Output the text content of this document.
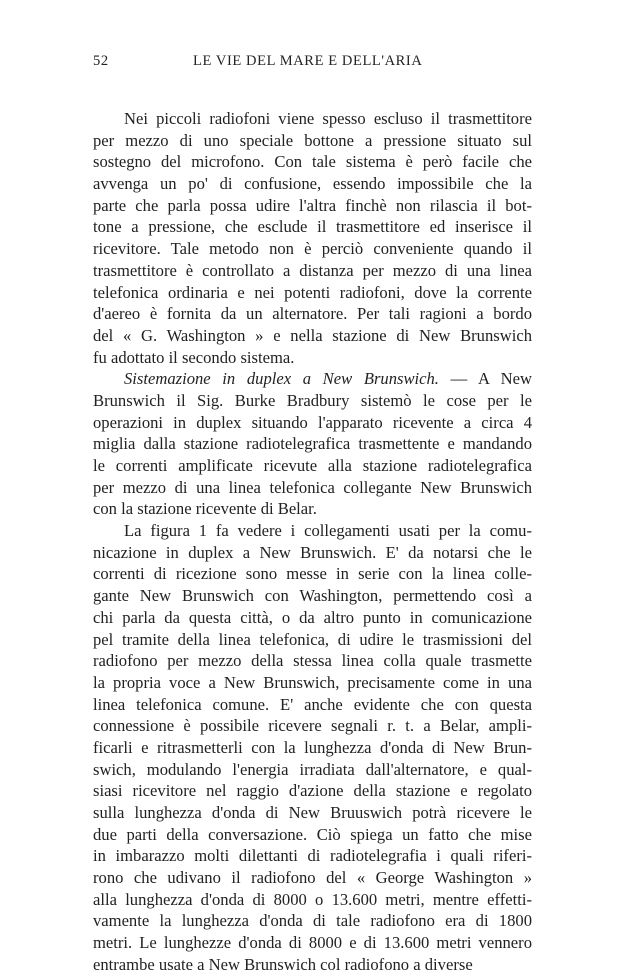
52	LE VIE DEL MARE E DELL'ARIA
Nei piccoli radiofoni viene spesso escluso il trasmettitore
per mezzo di uno speciale bottone a pressione situato sul
sostegno del microfono. Con tale sistema è però facile che
avvenga un po' di confusione, essendo impossibile che la
parte che parla possa udire l'altra finchè non rilascia il bot-
tone a pressione, che esclude il trasmettitore ed inserisce il
ricevitore. Tale metodo non è perciò conveniente quando il
trasmettitore è controllato a distanza per mezzo di una linea
telefonica ordinaria e nei potenti radiofoni, dove la corrente
d'aereo è fornita da un alternatore. Per tali ragioni a bordo
del « G. Washington » e nella stazione di New Brunswich
fu adottato il secondo sistema.
Sistemazione in duplex a New Brunswich. — A New
Brunswich il Sig. Burke Bradbury sistemò le cose per le
operazioni in duplex situando l'apparato ricevente a circa 4
miglia dalla stazione radiotelegrafica trasmettente e mandando
le correnti amplificate ricevute alla stazione radiotelegrafica
per mezzo di una linea telefonica collegante New Brunswich
con la stazione ricevente di Belar.
La figura 1 fa vedere i collegamenti usati per la comu-
nicazione in duplex a New Brunswich. E' da notarsi che le
correnti di ricezione sono messe in serie con la linea colle-
gante New Brunswich con Washington, permettendo così a
chi parla da questa città, o da altro punto in comunicazione
pel tramite della linea telefonica, di udire le trasmissioni del
radiofono per mezzo della stessa linea colla quale trasmette
la propria voce a New Brunswich, precisamente come in una
linea telefonica comune. E' anche evidente che con questa
connessione è possibile ricevere segnali r. t. a Belar, ampli-
ficarli e ritrasmetterli con la lunghezza d'onda di New Brun-
swich, modulando l'energia irradiata dall'alternatore, e qual-
siasi ricevitore nel raggio d'azione della stazione e regolato
sulla lunghezza d'onda di New Bruuswich potrà ricevere le
due parti della conversazione. Ciò spiega un fatto che mise
in imbarazzo molti dilettanti di radiotelegrafia i quali riferi-
rono che udivano il radiofono del « George Washington »
alla lunghezza d'onda di 8000 o 13.600 metri, mentre effetti-
vamente la lunghezza d'onda di tale radiofono era di 1800
metri. Le lunghezze d'onda di 8000 e di 13.600 metri vennero
entrambe usate a New Brunswich col radiofono a diverse
